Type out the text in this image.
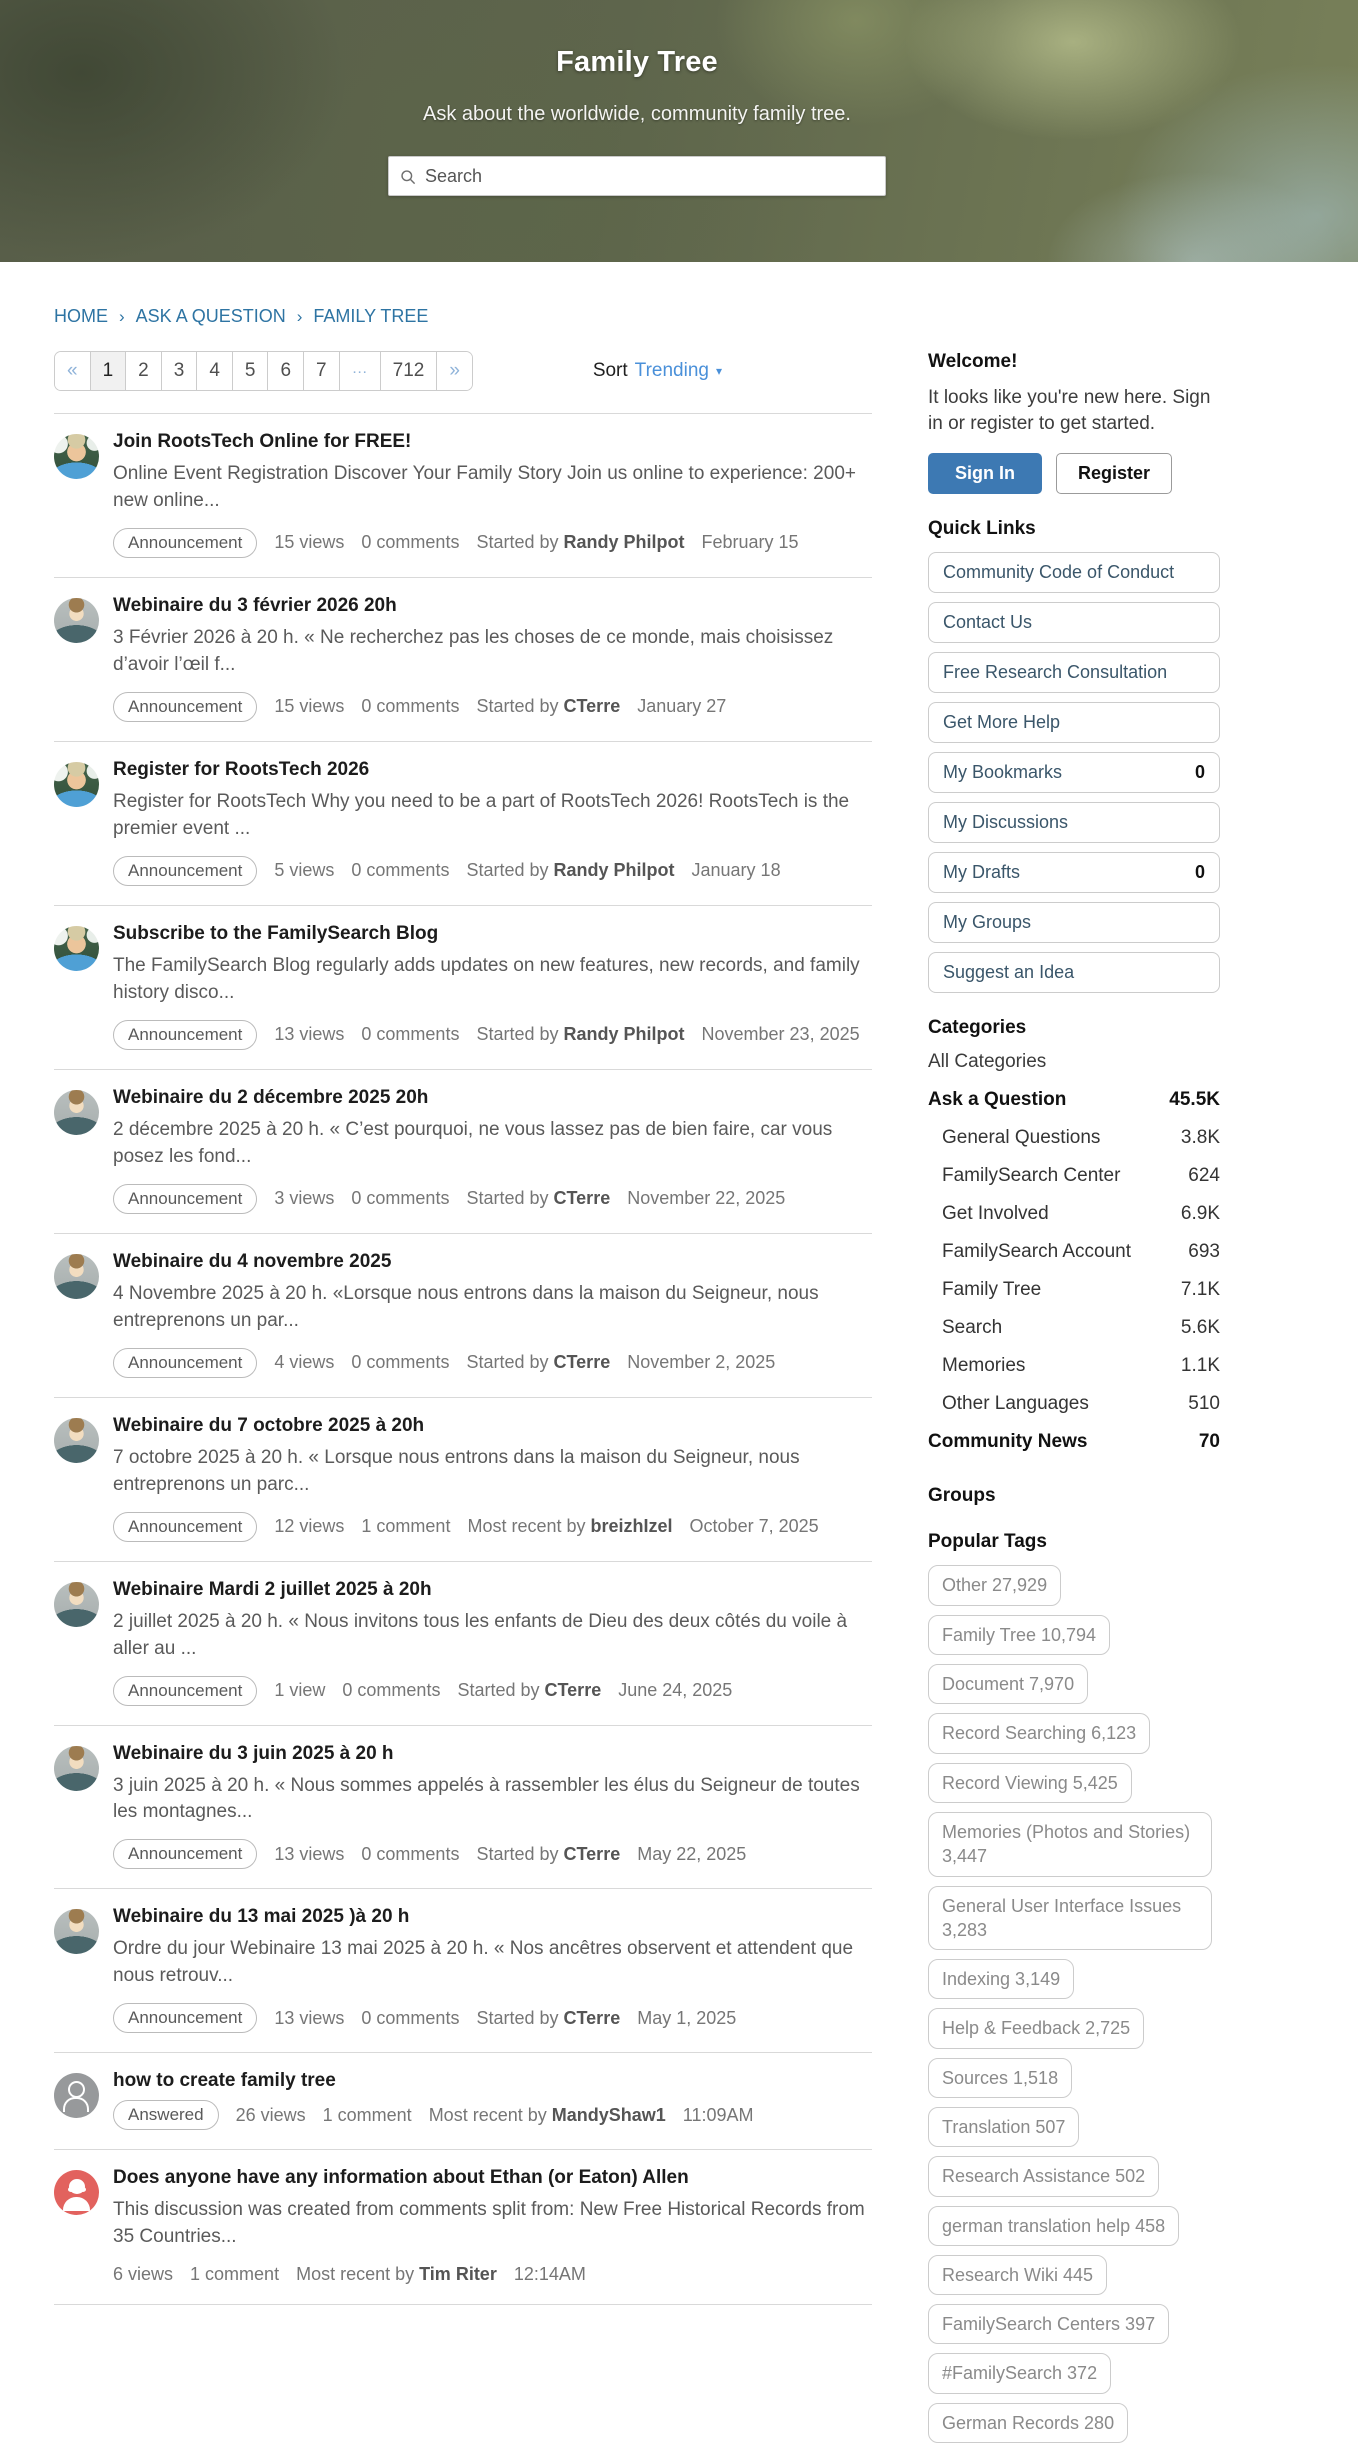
Family Tree
Ask about the worldwide, community family tree.
Search
HOME › ASK A QUESTION › FAMILY TREE
«	1	2	3	4	5	6	7	…	712	»	Sort Trending ▾
Join RootsTech Online for FREE!
Online Event Registration Discover Your Family Story Join us online to experience: 200+ new online...
Announcement	15 views 0 comments Started by Randy Philpot February 15
Webinaire du 3 février 2026 20h
3 Février 2026 à 20 h. « Ne recherchez pas les choses de ce monde, mais choisissez d’avoir l’œil f...
Announcement	15 views 0 comments Started by CTerre January 27
Register for RootsTech 2026
Register for RootsTech Why you need to be a part of RootsTech 2026! RootsTech is the premier event ...
Announcement	5 views 0 comments Started by Randy Philpot January 18
Subscribe to the FamilySearch Blog
The FamilySearch Blog regularly adds updates on new features, new records, and family history disco...
Announcement	13 views 0 comments Started by Randy Philpot November 23, 2025
Webinaire du 2 décembre 2025 20h
2 décembre 2025 à 20 h. « C’est pourquoi, ne vous lassez pas de bien faire, car vous posez les fond...
Announcement	3 views 0 comments Started by CTerre November 22, 2025
Webinaire du 4 novembre 2025
4 Novembre 2025 à 20 h. «Lorsque nous entrons dans la maison du Seigneur, nous entreprenons un par...
Announcement	4 views 0 comments Started by CTerre November 2, 2025
Webinaire du 7 octobre 2025 à 20h
7 octobre 2025 à 20 h. « Lorsque nous entrons dans la maison du Seigneur, nous entreprenons un parc...
Announcement	12 views 1 comment Most recent by breizhIzel October 7, 2025
Webinaire Mardi 2 juillet 2025 à 20h
2 juillet 2025 à 20 h. « Nous invitons tous les enfants de Dieu des deux côtés du voile à aller au ...
Announcement	1 view 0 comments Started by CTerre June 24, 2025
Webinaire du 3 juin 2025 à 20 h
3 juin 2025 à 20 h. « Nous sommes appelés à rassembler les élus du Seigneur de toutes les montagnes...
Announcement	13 views 0 comments Started by CTerre May 22, 2025
Webinaire du 13 mai 2025 )à 20 h
Ordre du jour Webinaire 13 mai 2025 à 20 h. « Nos ancêtres observent et attendent que nous retrouv...
Announcement	13 views 0 comments Started by CTerre May 1, 2025
how to create family tree
Answered	26 views 1 comment Most recent by MandyShaw1 11:09AM
Does anyone have any information about Ethan (or Eaton) Allen
This discussion was created from comments split from: New Free Historical Records from 35 Countries...
6 views 1 comment Most recent by Tim Riter 12:14AM
Welcome!
It looks like you're new here. Sign in or register to get started.
Sign In	Register
Quick Links
Community Code of Conduct
Contact Us
Free Research Consultation
Get More Help
My Bookmarks	0
My Discussions
My Drafts	0
My Groups
Suggest an Idea
Categories
All Categories
Ask a Question	45.5K
General Questions	3.8K
FamilySearch Center	624
Get Involved	6.9K
FamilySearch Account	693
Family Tree	7.1K
Search	5.6K
Memories	1.1K
Other Languages	510
Community News	70
Groups
Popular Tags
Other 27,929
Family Tree 10,794
Document 7,970
Record Searching 6,123
Record Viewing 5,425
Memories (Photos and Stories) 3,447
General User Interface Issues 3,283
Indexing 3,149
Help & Feedback 2,725
Sources 1,518
Translation 507
Research Assistance 502
german translation help 458
Research Wiki 445
FamilySearch Centers 397
#FamilySearch 372
German Records 280
